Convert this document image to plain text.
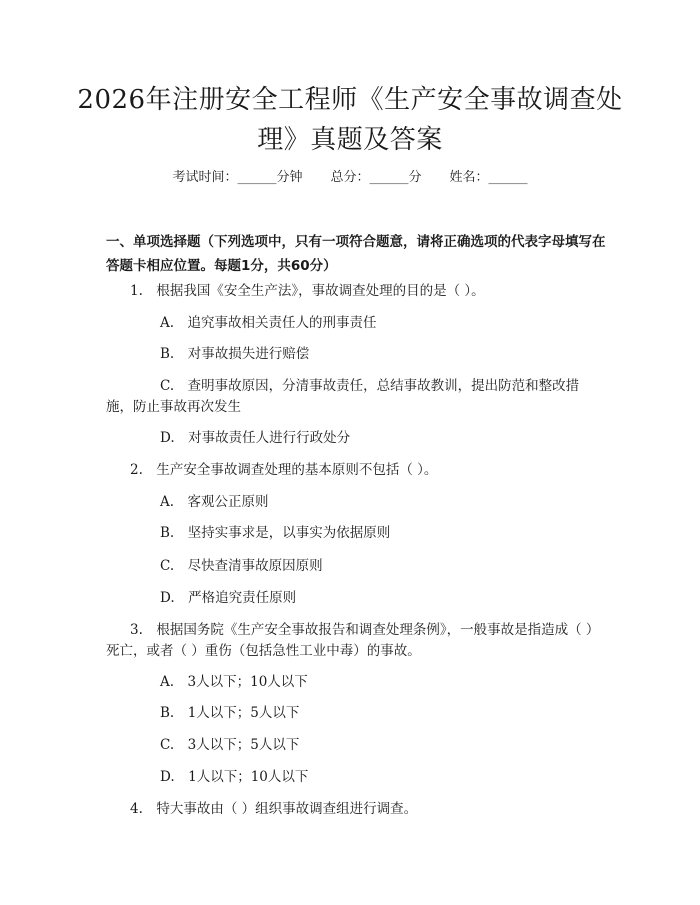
2026年注册安全工程师《生产安全事故调查处理》真题及答案
考试时间：______分钟 总分：______分 姓名：______
一、单项选择题（下列选项中，只有一项符合题意，请将正确选项的代表字母填写在答题卡相应位置。每题1分，共60分）
1.　根据我国《安全生产法》，事故调查处理的目的是（ ）。
A.　追究事故相关责任人的刑事责任
B.　对事故损失进行赔偿
C.　查明事故原因，分清事故责任，总结事故教训，提出防范和整改措施，防止事故再次发生
D.　对事故责任人进行行政处分
2.　生产安全事故调查处理的基本原则不包括（ ）。
A.　客观公正原则
B.　坚持实事求是，以事实为依据原则
C.　尽快查清事故原因原则
D.　严格追究责任原则
3.　根据国务院《生产安全事故报告和调查处理条例》，一般事故是指造成（ ）死亡，或者（ ）重伤（包括急性工业中毒）的事故。
A.　3人以下；10人以下
B.　1人以下；5人以下
C.　3人以下；5人以下
D.　1人以下；10人以下
4.　特大事故由（ ）组织事故调查组进行调查。
